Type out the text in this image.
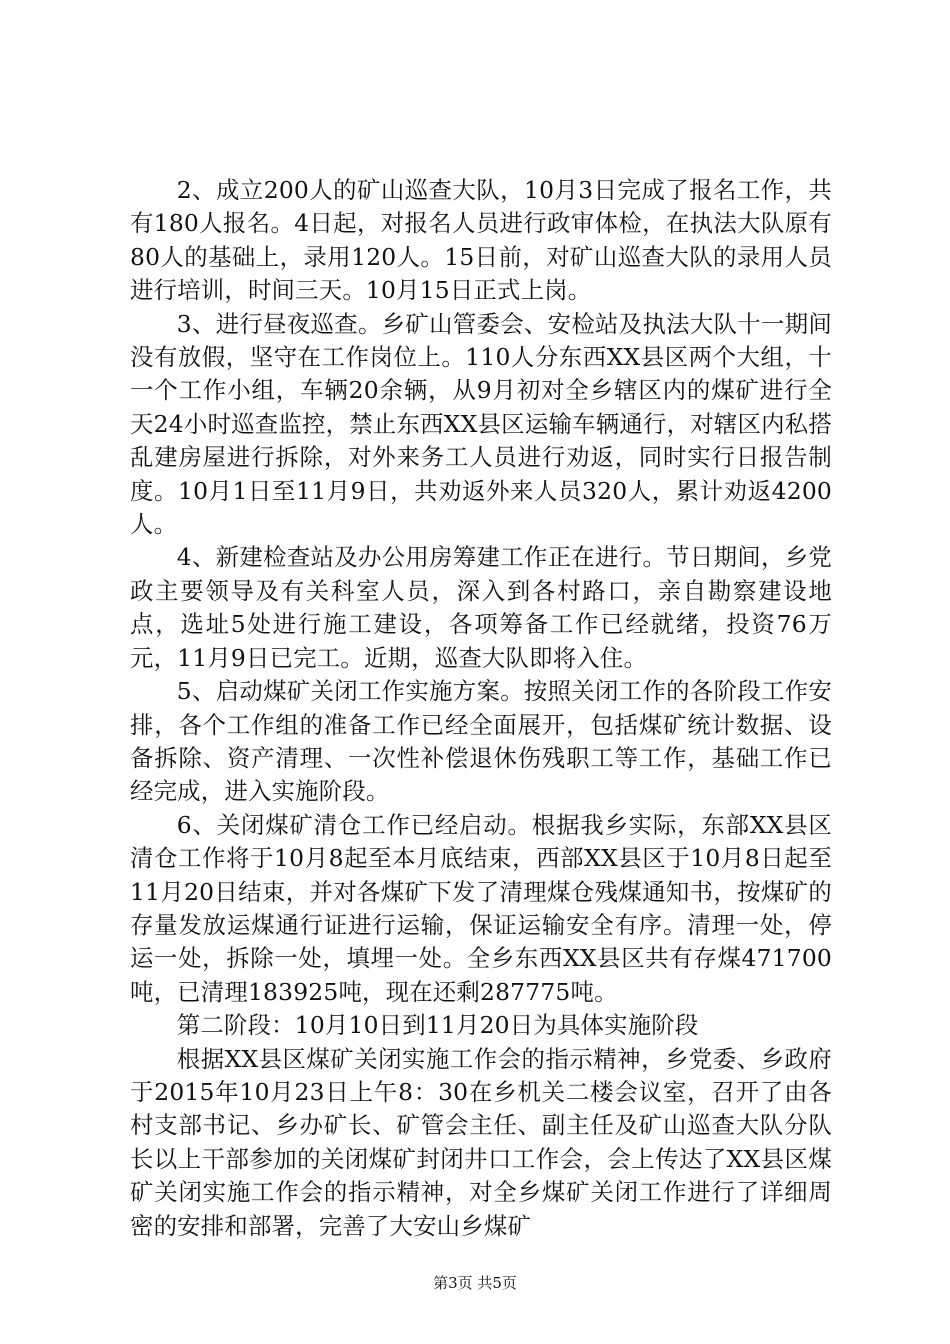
2、成立200人的矿山巡查大队，10月3日完成了报名工作，共有180人报名。4日起，对报名人员进行政审体检，在执法大队原有80人的基础上，录用120人。15日前，对矿山巡查大队的录用人员进行培训，时间三天。10月15日正式上岗。

3、进行昼夜巡查。乡矿山管委会、安检站及执法大队十一期间没有放假，坚守在工作岗位上。110人分东西XX县区两个大组，十一个工作小组，车辆20余辆，从9月初对全乡辖区内的煤矿进行全天24小时巡查监控，禁止东西XX县区运输车辆通行，对辖区内私搭乱建房屋进行拆除，对外来务工人员进行劝返，同时实行日报告制度。10月1日至11月9日，共劝返外来人员320人，累计劝返4200人。

4、新建检查站及办公用房筹建工作正在进行。节日期间，乡党政主要领导及有关科室人员，深入到各村路口，亲自勘察建设地点，选址5处进行施工建设，各项筹备工作已经就绪，投资76万元，11月9日已完工。近期，巡查大队即将入住。

5、启动煤矿关闭工作实施方案。按照关闭工作的各阶段工作安排，各个工作组的准备工作已经全面展开，包括煤矿统计数据、设备拆除、资产清理、一次性补偿退休伤残职工等工作，基础工作已经完成，进入实施阶段。

6、关闭煤矿清仓工作已经启动。根据我乡实际，东部XX县区清仓工作将于10月8起至本月底结束，西部XX县区于10月8日起至11月20日结束，并对各煤矿下发了清理煤仓残煤通知书，按煤矿的存量发放运煤通行证进行运输，保证运输安全有序。清理一处，停运一处，拆除一处，填埋一处。全乡东西XX县区共有存煤471700吨，已清理183925吨，现在还剩287775吨。

第二阶段：10月10日到11月20日为具体实施阶段

根据XX县区煤矿关闭实施工作会的指示精神，乡党委、乡政府于2015年10月23日上午8：30在乡机关二楼会议室，召开了由各村支部书记、乡办矿长、矿管会主任、副主任及矿山巡查大队分队长以上干部参加的关闭煤矿封闭井口工作会，会上传达了XX县区煤矿关闭实施工作会的指示精神，对全乡煤矿关闭工作进行了详细周密的安排和部署，完善了大安山乡煤矿

第3页 共5页
